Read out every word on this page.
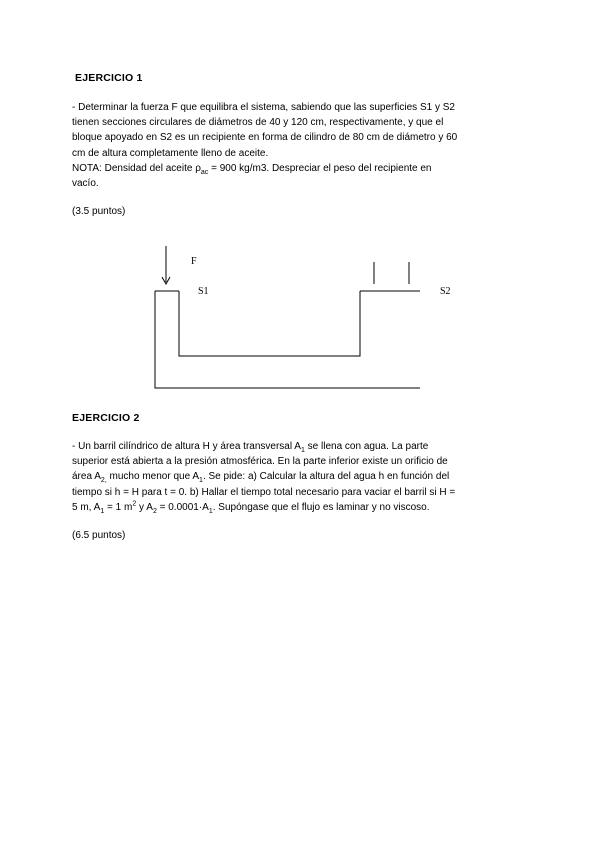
EJERCICIO 1
- Determinar la fuerza F que equilibra el sistema, sabiendo que las superficies S1 y S2
tienen secciones circulares de diámetros de 40 y 120 cm, respectivamente, y que el
bloque apoyado en S2 es un recipiente en forma de cilindro de 80 cm de diámetro y 60
cm de altura completamente lleno de aceite.
NOTA: Densidad del aceite $\rho_{ac} = 900$ kg/m3. Despreciar el peso del recipiente en
vacío.
(3.5 puntos)
F
S1	S2
EJERCICIO 2
- Un barril cilíndrico de altura H y área transversal $A_1$ se llena con agua. La parte
superior está abierta a la presión atmosférica. En la parte inferior existe un orificio de
área $A_{2,}$ mucho menor que $A_1$. Se pide: a) Calcular la altura del agua h en función del
tiempo si h = H para t = 0. b) Hallar el tiempo total necesario para vaciar el barril si H =
5 m, $A_1 = 1$ $m^2$ y $A_2 = 0.0001\cdot A_1$. Supóngase que el flujo es laminar y no viscoso.
(6.5 puntos)
